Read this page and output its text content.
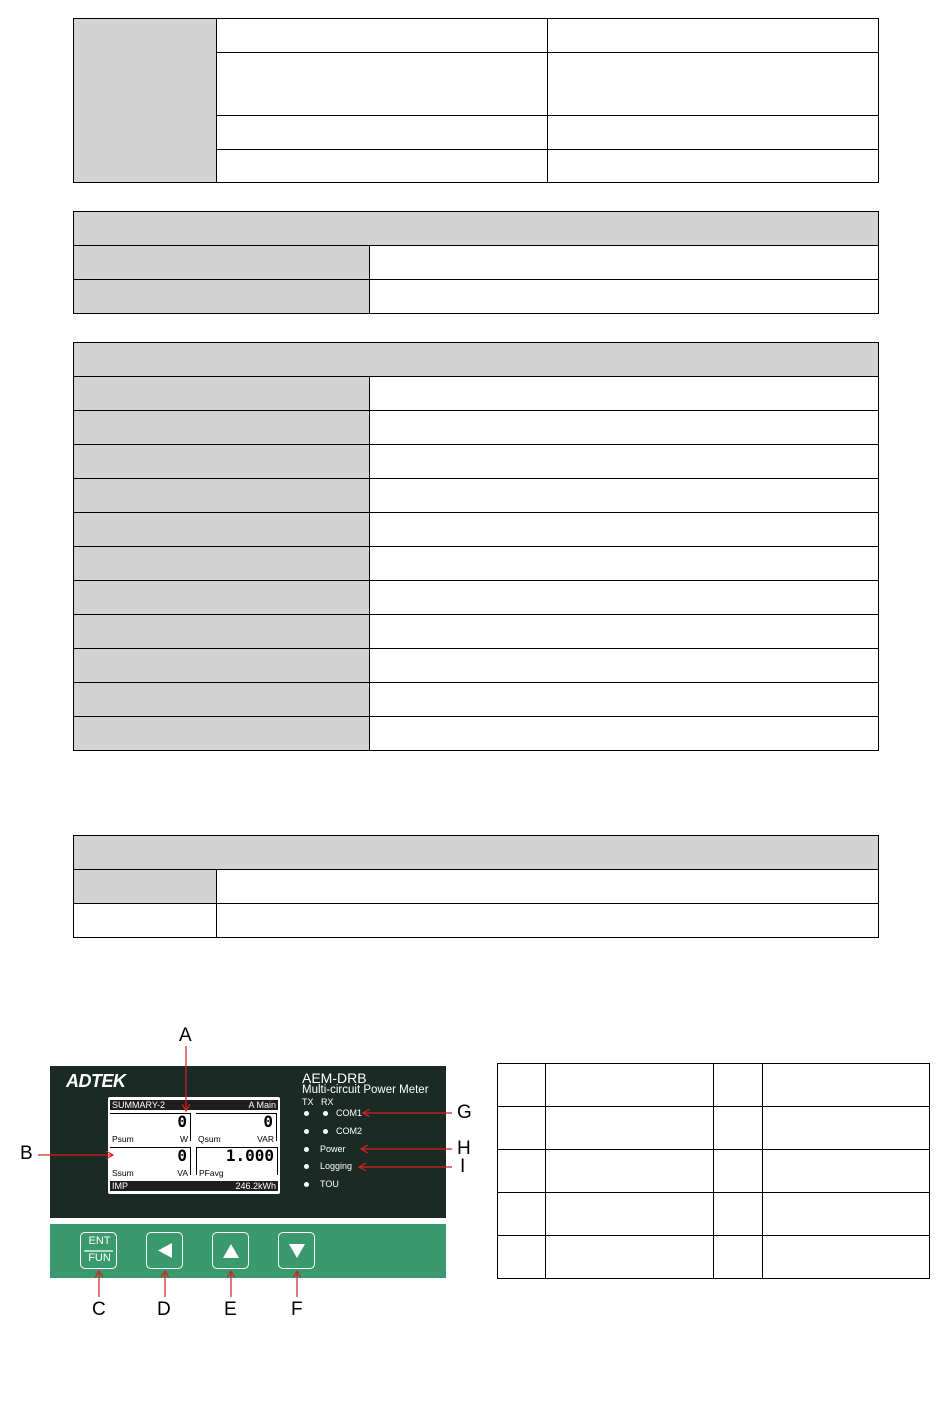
ADTEK	AEM-DRB
Multi-circuit Power Meter
TX RX
COM1
COM2
Power
Logging
TOU
SUMMARY-2	A Main
0
Psum	W
0
Qsum	VAR
0
Ssum	VA
1.000
PFavg
IMP	246.2kWh
ENT
FUN
A
B
G
H
I
C	D	E	F
